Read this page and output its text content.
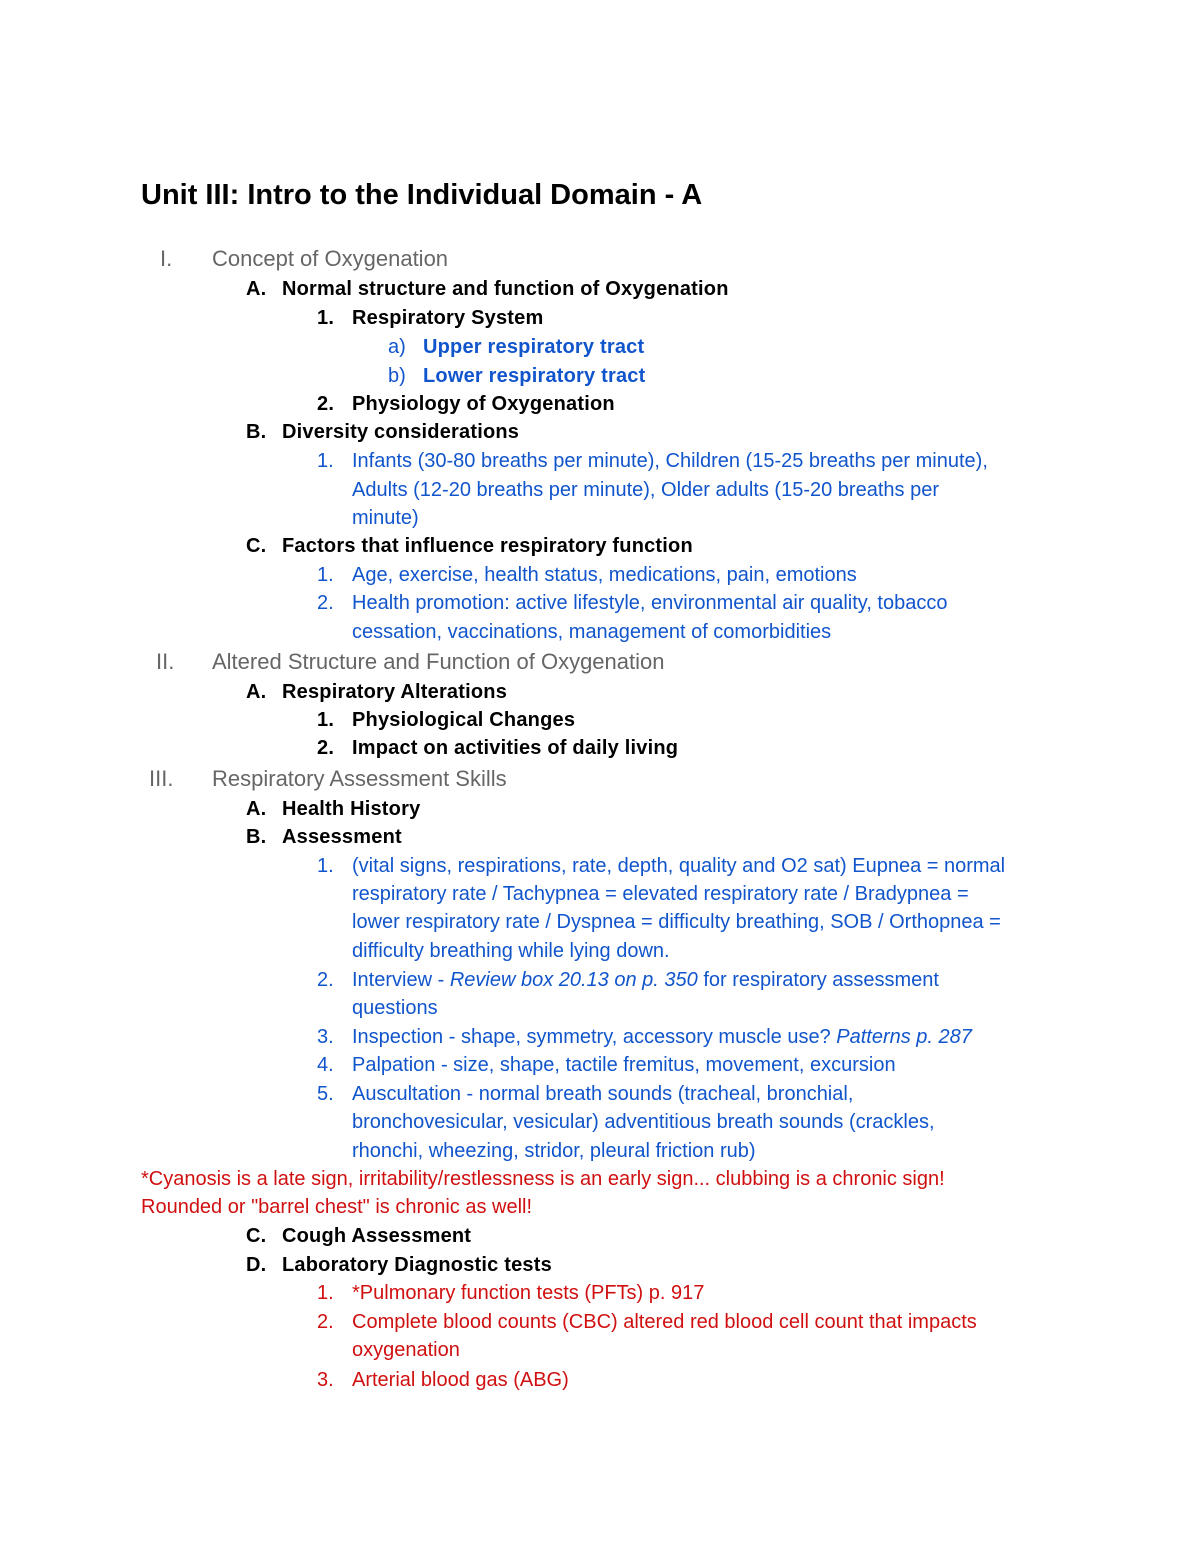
Unit III: Intro to the Individual Domain - A
I. Concept of Oxygenation
A. Normal structure and function of Oxygenation
1. Respiratory System
a) Upper respiratory tract
b) Lower respiratory tract
2. Physiology of Oxygenation
B. Diversity considerations
1. Infants (30-80 breaths per minute), Children (15-25 breaths per minute),
Adults (12-20 breaths per minute), Older adults (15-20 breaths per
minute)
C. Factors that influence respiratory function
1. Age, exercise, health status, medications, pain, emotions
2. Health promotion: active lifestyle, environmental air quality, tobacco
cessation, vaccinations, management of comorbidities
II. Altered Structure and Function of Oxygenation
A. Respiratory Alterations
1. Physiological Changes
2. Impact on activities of daily living
III. Respiratory Assessment Skills
A. Health History
B. Assessment
1. (vital signs, respirations, rate, depth, quality and O2 sat) Eupnea = normal
respiratory rate / Tachypnea = elevated respiratory rate / Bradypnea =
lower respiratory rate / Dyspnea = difficulty breathing, SOB / Orthopnea =
difficulty breathing while lying down.
2. Interview - Review box 20.13 on p. 350 for respiratory assessment
questions
3. Inspection - shape, symmetry, accessory muscle use? Patterns p. 287
4. Palpation - size, shape, tactile fremitus, movement, excursion
5. Auscultation - normal breath sounds (tracheal, bronchial,
bronchovesicular, vesicular) adventitious breath sounds (crackles,
rhonchi, wheezing, stridor, pleural friction rub)
*Cyanosis is a late sign, irritability/restlessness is an early sign... clubbing is a chronic sign!
Rounded or "barrel chest" is chronic as well!
C. Cough Assessment
D. Laboratory Diagnostic tests
1. *Pulmonary function tests (PFTs) p. 917
2. Complete blood counts (CBC) altered red blood cell count that impacts
oxygenation
3. Arterial blood gas (ABG)
